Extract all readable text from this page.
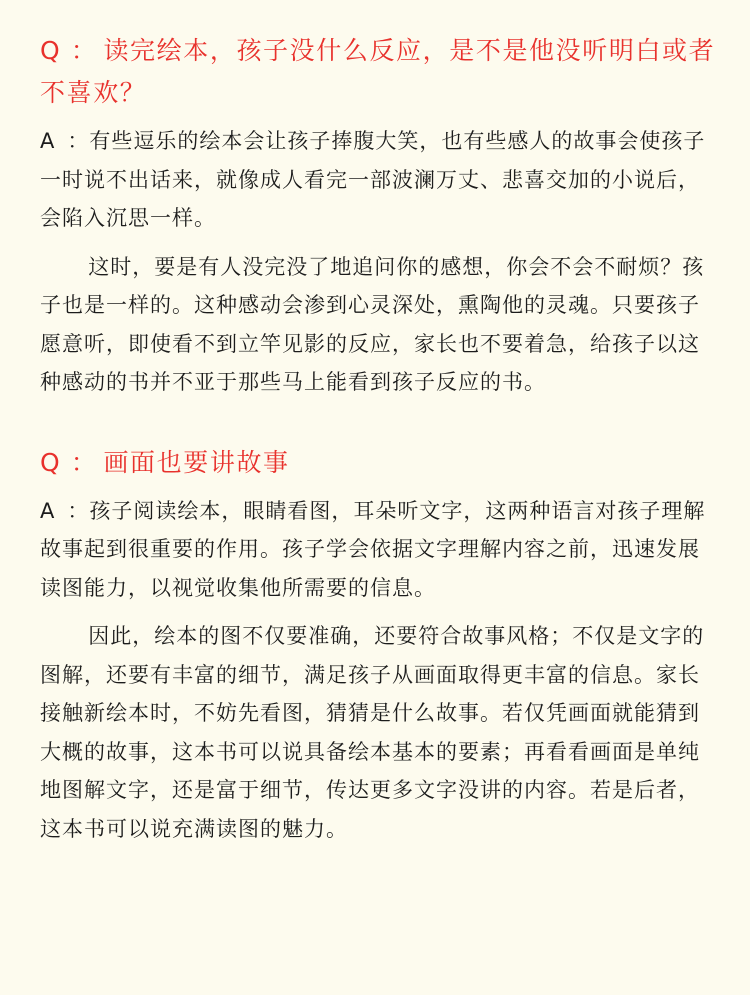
Q ： 读完绘本，孩子没什么反应，是不是他没听明白或者不喜欢？

A ：有些逗乐的绘本会让孩子捧腹大笑，也有些感人的故事会使孩子一时说不出话来，就像成人看完一部波澜万丈、悲喜交加的小说后，会陷入沉思一样。

这时，要是有人没完没了地追问你的感想，你会不会不耐烦？孩子也是一样的。这种感动会渗到心灵深处，熏陶他的灵魂。只要孩子愿意听，即使看不到立竿见影的反应，家长也不要着急，给孩子以这种感动的书并不亚于那些马上能看到孩子反应的书。

Q ： 画面也要讲故事

A ：孩子阅读绘本，眼睛看图，耳朵听文字，这两种语言对孩子理解故事起到很重要的作用。孩子学会依据文字理解内容之前，迅速发展读图能力，以视觉收集他所需要的信息。

因此，绘本的图不仅要准确，还要符合故事风格；不仅是文字的图解，还要有丰富的细节，满足孩子从画面取得更丰富的信息。家长接触新绘本时，不妨先看图，猜猜是什么故事。若仅凭画面就能猜到大概的故事，这本书可以说具备绘本基本的要素；再看看画面是单纯地图解文字，还是富于细节，传达更多文字没讲的内容。若是后者，这本书可以说充满读图的魅力。
